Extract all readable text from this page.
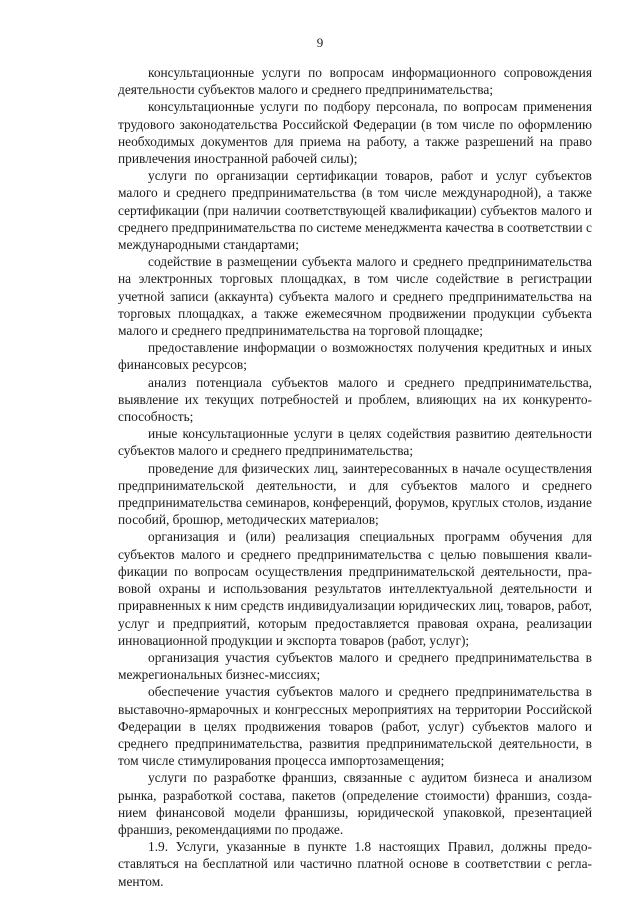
9

консультационные услуги по вопросам информационного сопровождения деятельности субъектов малого и среднего предпринимательства;

консультационные услуги по подбору персонала, по вопросам применения трудового законодательства Российской Федерации (в том числе по оформлению необходимых документов для приема на работу, а также разрешений на право привлечения иностранной рабочей силы);

услуги по организации сертификации товаров, работ и услуг субъектов малого и среднего предпринимательства (в том числе международной), а также сертификации (при наличии соответствующей квалификации) субъектов малого и среднего предпринимательства по системе менеджмента качества в соответствии с международными стандартами;

содействие в размещении субъекта малого и среднего предпринимательства на электронных торговых площадках, в том числе содействие в регистрации учетной записи (аккаунта) субъекта малого и среднего предпринимательства на торговых площадках, а также ежемесячном продвижении продукции субъекта малого и среднего предпринимательства на торговой площадке;

предоставление информации о возможностях получения кредитных и иных финансовых ресурсов;

анализ потенциала субъектов малого и среднего предпринимательства, выявление их текущих потребностей и проблем, влияющих на их конкурентоспособность;

иные консультационные услуги в целях содействия развитию деятельности субъектов малого и среднего предпринимательства;

проведение для физических лиц, заинтересованных в начале осуществления предпринимательской деятельности, и для субъектов малого и среднего предпринимательства семинаров, конференций, форумов, круглых столов, издание пособий, брошюр, методических материалов;

организация и (или) реализация специальных программ обучения для субъектов малого и среднего предпринимательства с целью повышения квалификации по вопросам осуществления предпринимательской деятельности, правовой охраны и использования результатов интеллектуальной деятельности и приравненных к ним средств индивидуализации юридических лиц, товаров, работ, услуг и предприятий, которым предоставляется правовая охрана, реализации инновационной продукции и экспорта товаров (работ, услуг);

организация участия субъектов малого и среднего предпринимательства в межрегиональных бизнес-миссиях;

обеспечение участия субъектов малого и среднего предпринимательства в выставочно-ярмарочных и конгрессных мероприятиях на территории Российской Федерации в целях продвижения товаров (работ, услуг) субъектов малого и среднего предпринимательства, развития предпринимательской деятельности, в том числе стимулирования процесса импортозамещения;

услуги по разработке франшиз, связанные с аудитом бизнеса и анализом рынка, разработкой состава, пакетов (определение стоимости) франшиз, созданием финансовой модели франшизы, юридической упаковкой, презентацией франшиз, рекомендациями по продаже.

1.9. Услуги, указанные в пункте 1.8 настоящих Правил, должны предоставляться на бесплатной или частично платной основе в соответствии с регламентом.
